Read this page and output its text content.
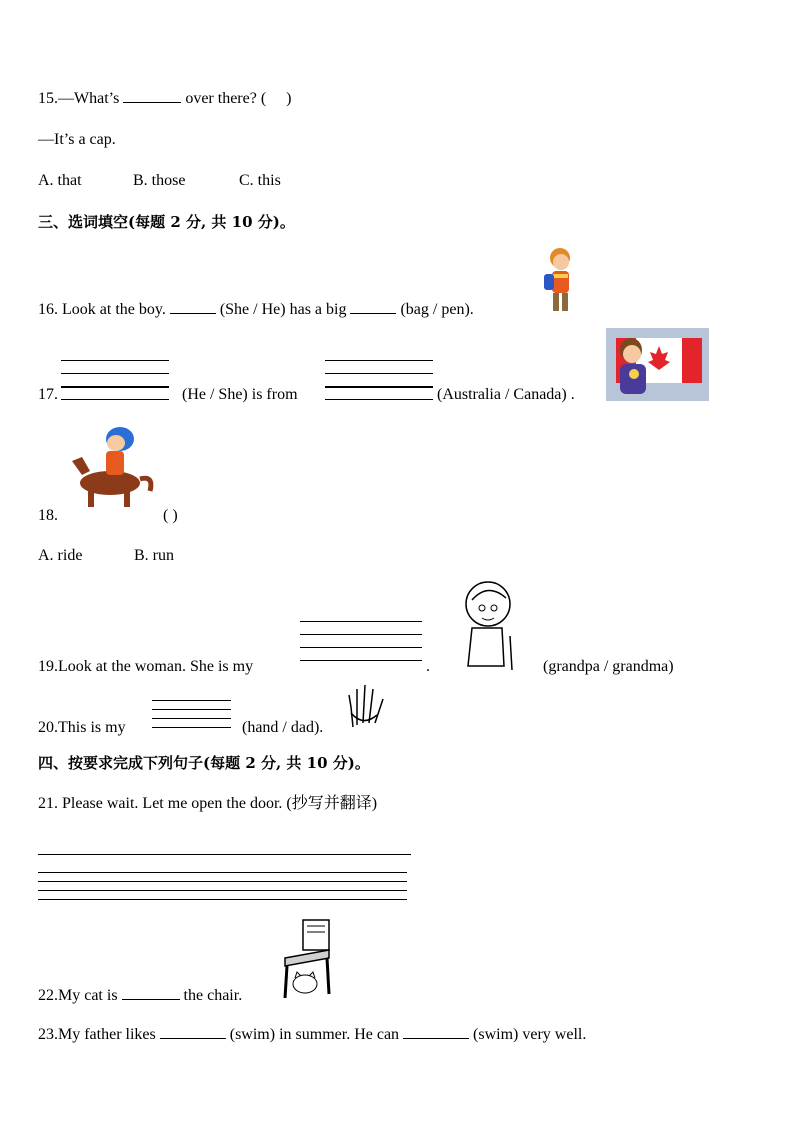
15.—What’s	over there? ( )
—It’s a cap.
A. that	B. those	C. this
三、选词填空(每题 2 分, 共 10 分)。
16. Look at the boy.	(She / He) has a big	(bag / pen).
17.	(He / She) is from	(Australia / Canada) .
18.	( )
A. ride	B. run
19.Look at the woman. She is my	.	(grandpa / grandma)
20.This is my	(hand / dad).
四、按要求完成下列句子(每题 2 分, 共 10 分)。
21. Please wait. Let me open the door. (抄写并翻译)
22.My cat is	the chair.
23.My father likes	(swim) in summer. He can	(swim) very well.
